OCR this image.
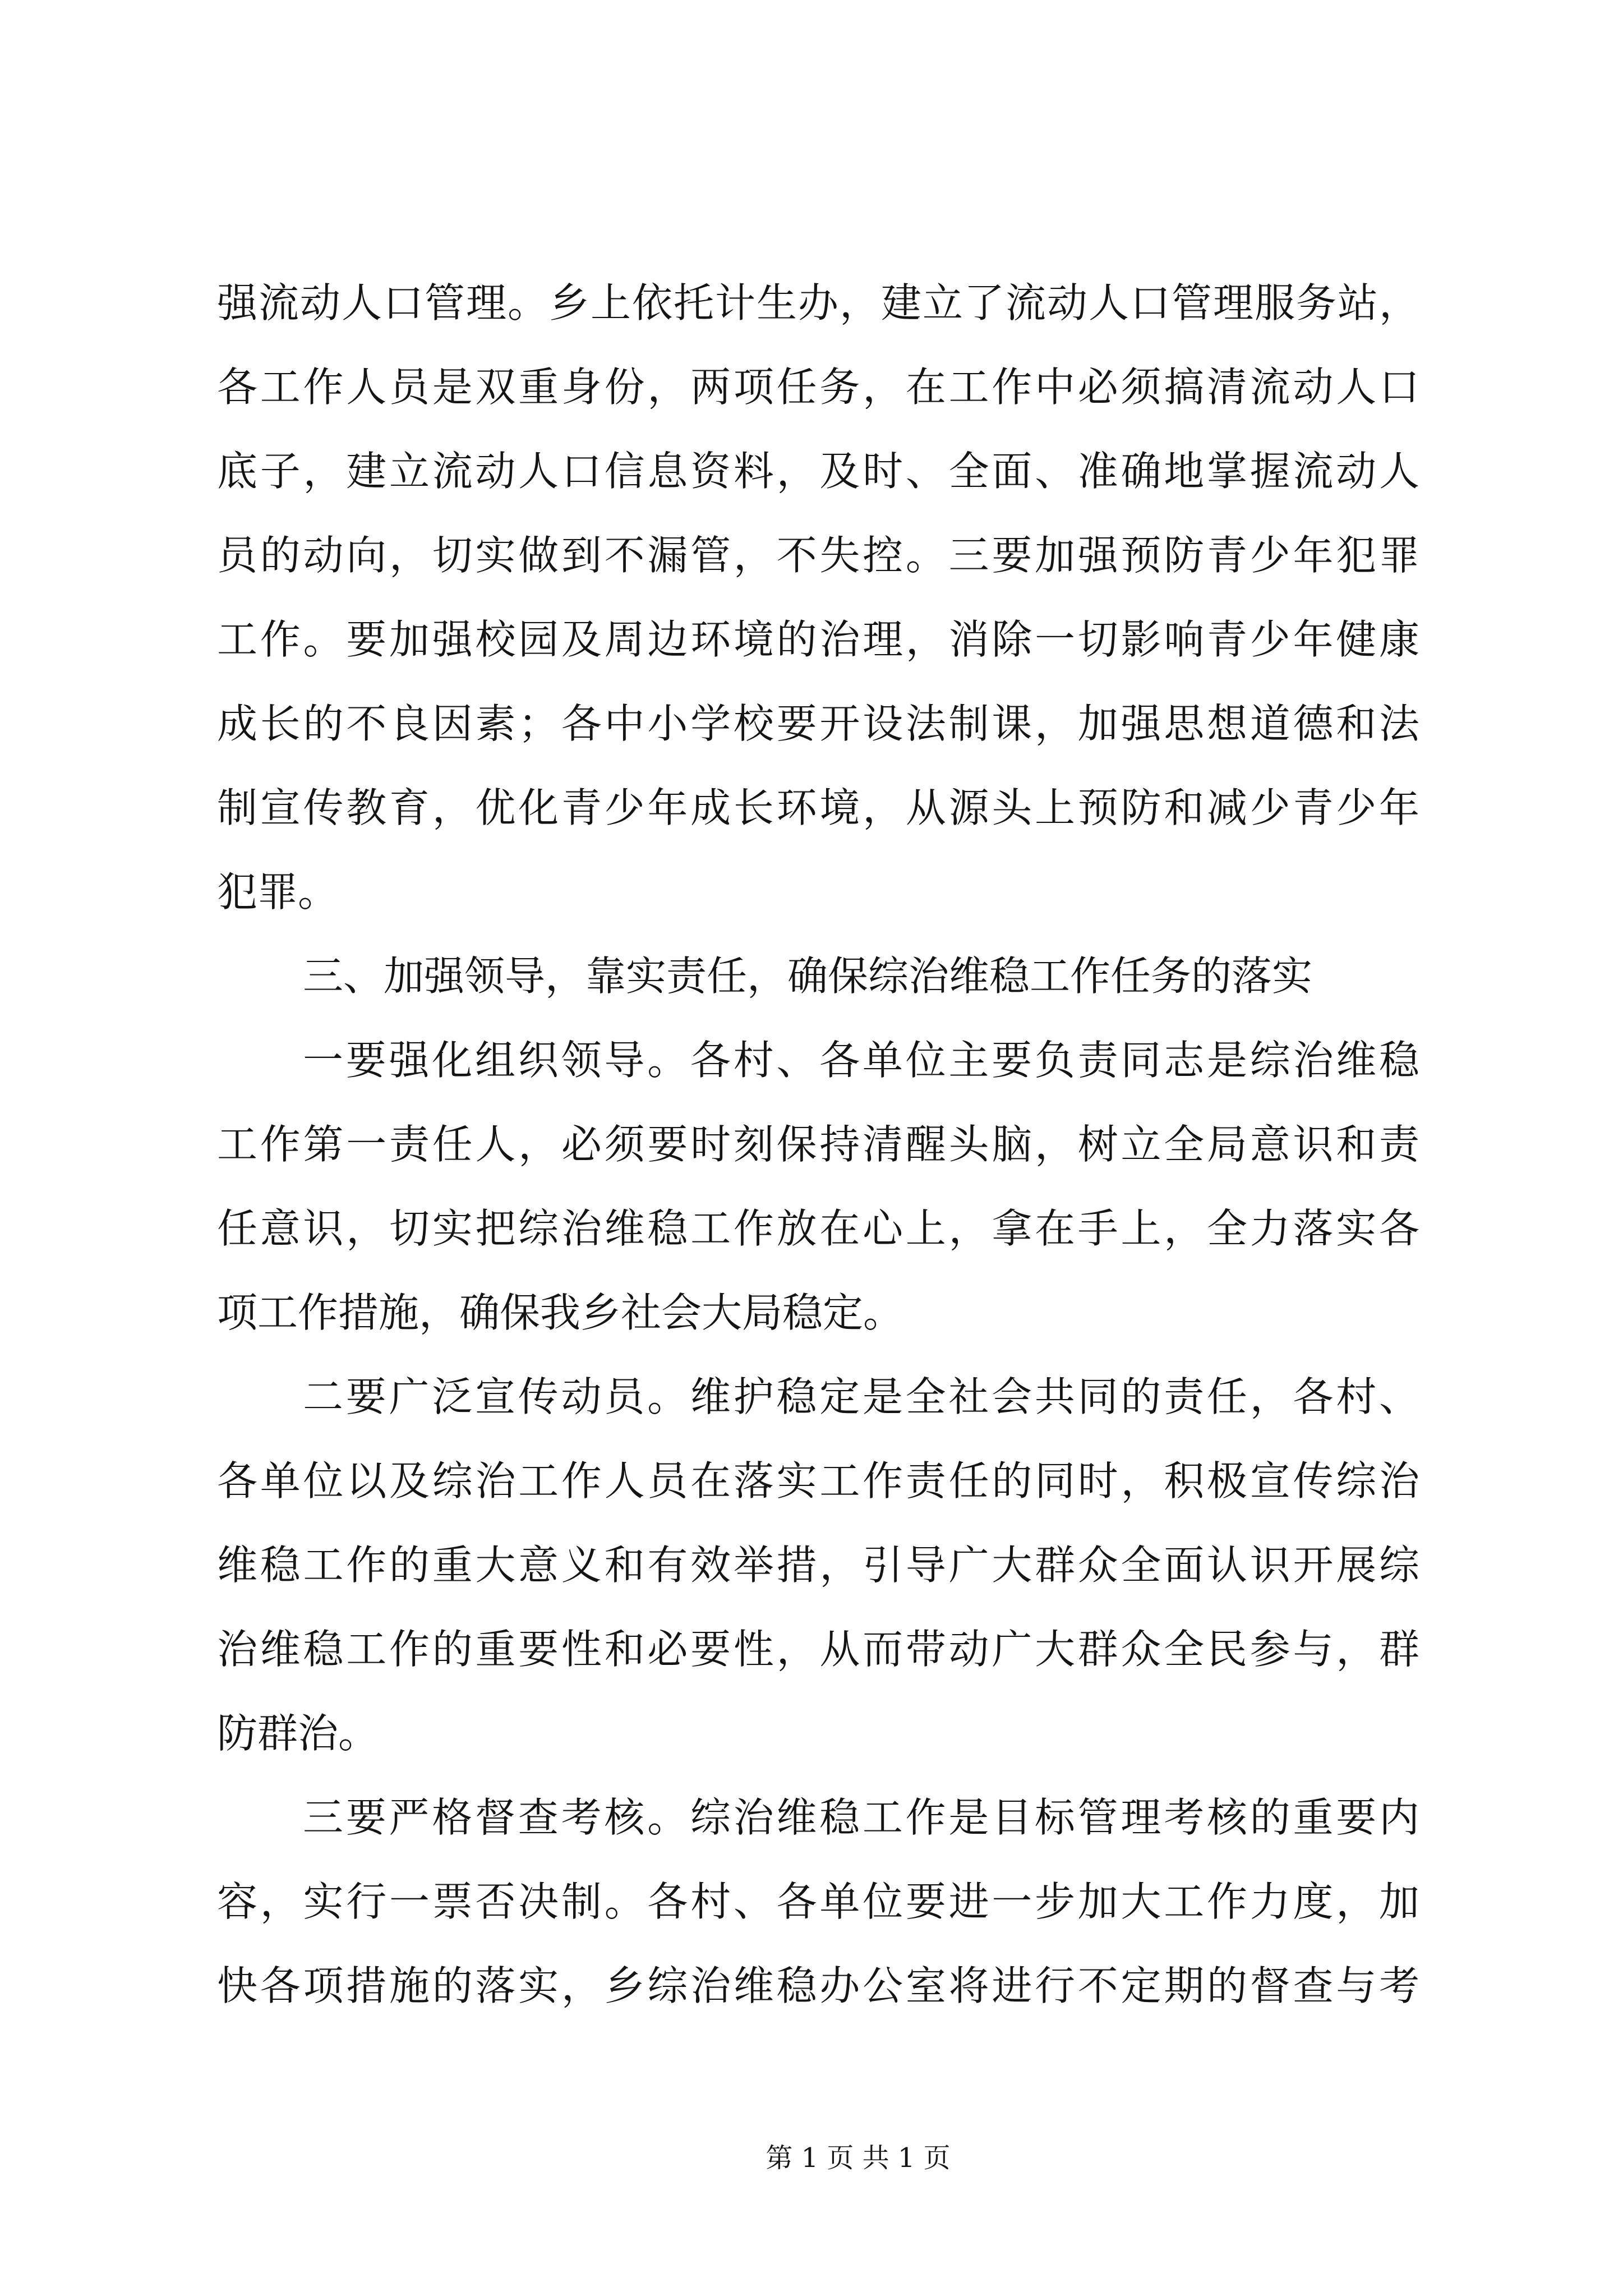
强流动人口管理。乡上依托计生办，建立了流动人口管理服务站，
各工作人员是双重身份，两项任务，在工作中必须搞清流动人口
底子，建立流动人口信息资料，及时、全面、准确地掌握流动人
员的动向，切实做到不漏管，不失控。三要加强预防青少年犯罪
工作。要加强校园及周边环境的治理，消除一切影响青少年健康
成长的不良因素；各中小学校要开设法制课，加强思想道德和法
制宣传教育，优化青少年成长环境，从源头上预防和减少青少年
犯罪。
三、加强领导，靠实责任，确保综治维稳工作任务的落实
一要强化组织领导。各村、各单位主要负责同志是综治维稳
工作第一责任人，必须要时刻保持清醒头脑，树立全局意识和责
任意识，切实把综治维稳工作放在心上，拿在手上，全力落实各
项工作措施，确保我乡社会大局稳定。
二要广泛宣传动员。维护稳定是全社会共同的责任，各村、
各单位以及综治工作人员在落实工作责任的同时，积极宣传综治
维稳工作的重大意义和有效举措，引导广大群众全面认识开展综
治维稳工作的重要性和必要性，从而带动广大群众全民参与，群
防群治。
三要严格督查考核。综治维稳工作是目标管理考核的重要内
容，实行一票否决制。各村、各单位要进一步加大工作力度，加
快各项措施的落实，乡综治维稳办公室将进行不定期的督查与考
第 1 页 共 1 页
